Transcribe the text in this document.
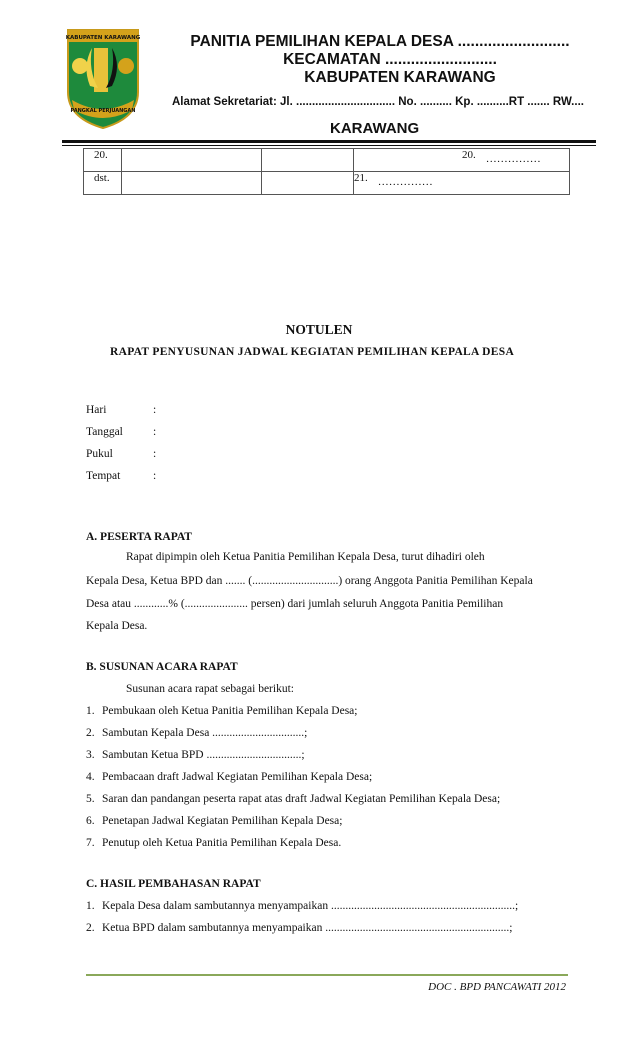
KABUPATEN KARAWANG
PANGKAL PERJUANGAN
PANITIA PEMILIHAN KEPALA DESA ..........................
KECAMATAN ..........................
KABUPATEN KARAWANG
Alamat Sekretariat: Jl. ............................... No. .......... Kp. ..........RT ....... RW....
KARAWANG
20.			20. ……………
dst.			21. ……………
NOTULEN
RAPAT PENYUSUNAN JADWAL KEGIATAN PEMILIHAN KEPALA DESA
Hari	:
Tanggal	:
Pukul	:
Tempat	:
A. PESERTA RAPAT
Rapat dipimpin oleh Ketua Panitia Pemilihan Kepala Desa, turut dihadiri oleh
Kepala Desa, Ketua BPD dan ....... (..............................) orang Anggota Panitia Pemilihan Kepala
Desa atau ............% (...................... persen) dari jumlah seluruh Anggota Panitia Pemilihan
Kepala Desa.
B. SUSUNAN ACARA RAPAT
Susunan acara rapat sebagai berikut:
1. Pembukaan oleh Ketua Panitia Pemilihan Kepala Desa;
2. Sambutan Kepala Desa ................................;
3. Sambutan Ketua BPD .................................;
4. Pembacaan draft Jadwal Kegiatan Pemilihan Kepala Desa;
5. Saran dan pandangan peserta rapat atas draft Jadwal Kegiatan Pemilihan Kepala Desa;
6. Penetapan Jadwal Kegiatan Pemilihan Kepala Desa;
7. Penutup oleh Ketua Panitia Pemilihan Kepala Desa.
C. HASIL PEMBAHASAN RAPAT
1. Kepala Desa dalam sambutannya menyampaikan ................................................................;
2. Ketua BPD dalam sambutannya menyampaikan ................................................................;
DOC . BPD PANCAWATI 2012
